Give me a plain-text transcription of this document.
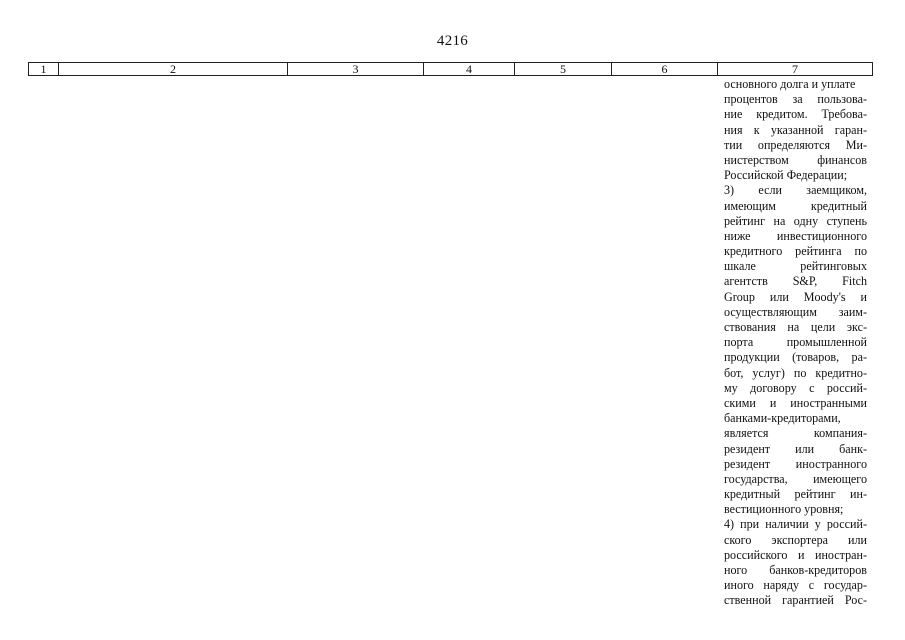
4216
1	2	3	4	5	6	7
основного долга и уплате
процентов за пользова-
ние кредитом. Требова-
ния к указанной гаран-
тии определяются Ми-
нистерством финансов
Российской Федерации;
3) если заемщиком,
имеющим кредитный
рейтинг на одну ступень
ниже инвестиционного
кредитного рейтинга по
шкале рейтинговых
агентств S&P, Fitch
Group или Moody's и
осуществляющим заим-
ствования на цели экс-
порта промышленной
продукции (товаров, ра-
бот, услуг) по кредитно-
му договору с россий-
скими и иностранными
банками-кредиторами,
является компания-
резидент или банк-
резидент иностранного
государства, имеющего
кредитный рейтинг ин-
вестиционного уровня;
4) при наличии у россий-
ского экспортера или
российского и иностран-
ного банков-кредиторов
иного наряду с государ-
ственной гарантией Рос-
